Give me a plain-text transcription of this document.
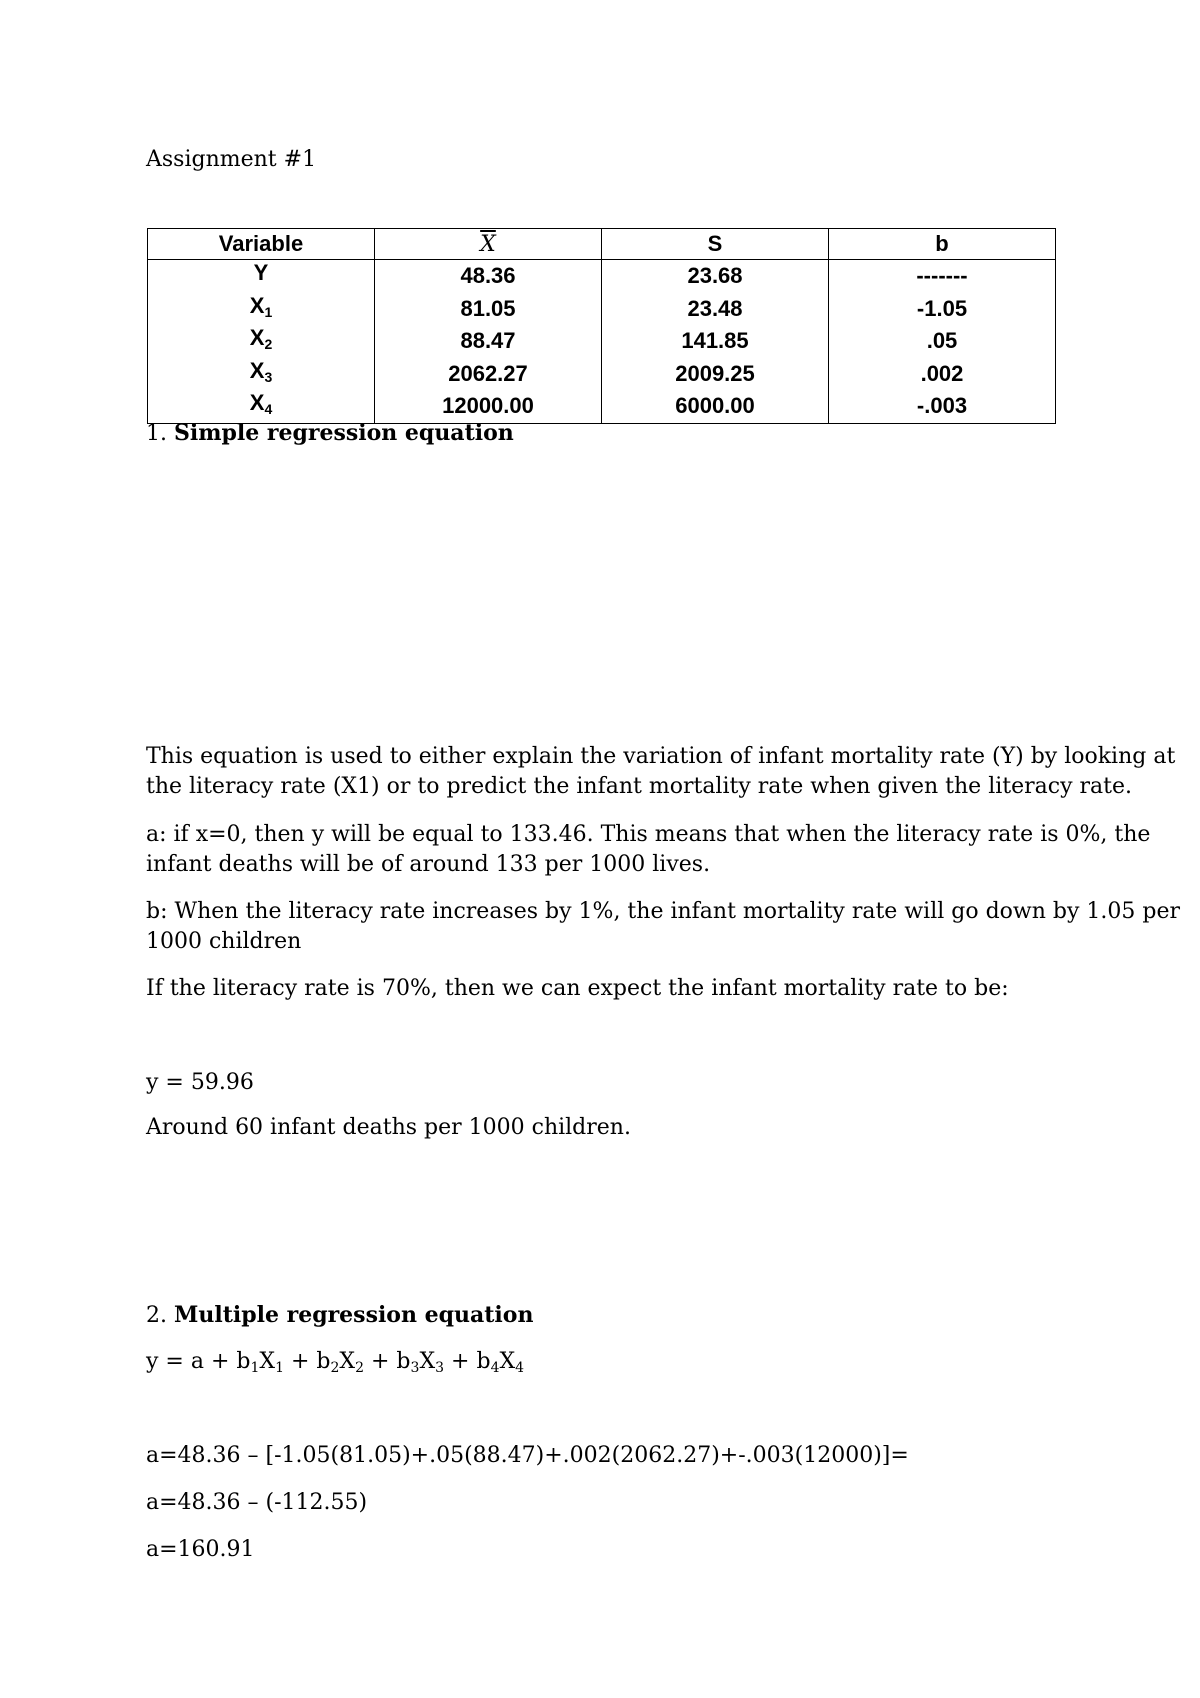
Assignment #1
Variable	$\overline{X}$	S	b
Y	48.36	23.68	-------
$X_1$	81.05	23.48	-1.05
$X_2$	88.47	141.85	.05
$X_3$	2062.27	2009.25	.002
$X_4$	12000.00	6000.00	-.003
1. Simple regression equation
This equation is used to either explain the variation of infant mortality rate (Y) by looking at
the literacy rate (X1) or to predict the infant mortality rate when given the literacy rate.
a: if x=0, then y will be equal to 133.46. This means that when the literacy rate is 0%, the
infant deaths will be of around 133 per 1000 lives.
b: When the literacy rate increases by 1%, the infant mortality rate will go down by 1.05 per
1000 children
If the literacy rate is 70%, then we can expect the infant mortality rate to be:
y = 59.96
Around 60 infant deaths per 1000 children.
2. Multiple regression equation
$y = a + b_1X_1 + b_2X_2 + b_3X_3 + b_4X_4$
a=48.36 – [-1.05(81.05)+.05(88.47)+.002(2062.27)+-.003(12000)]=
a=48.36 – (-112.55)
a=160.91
